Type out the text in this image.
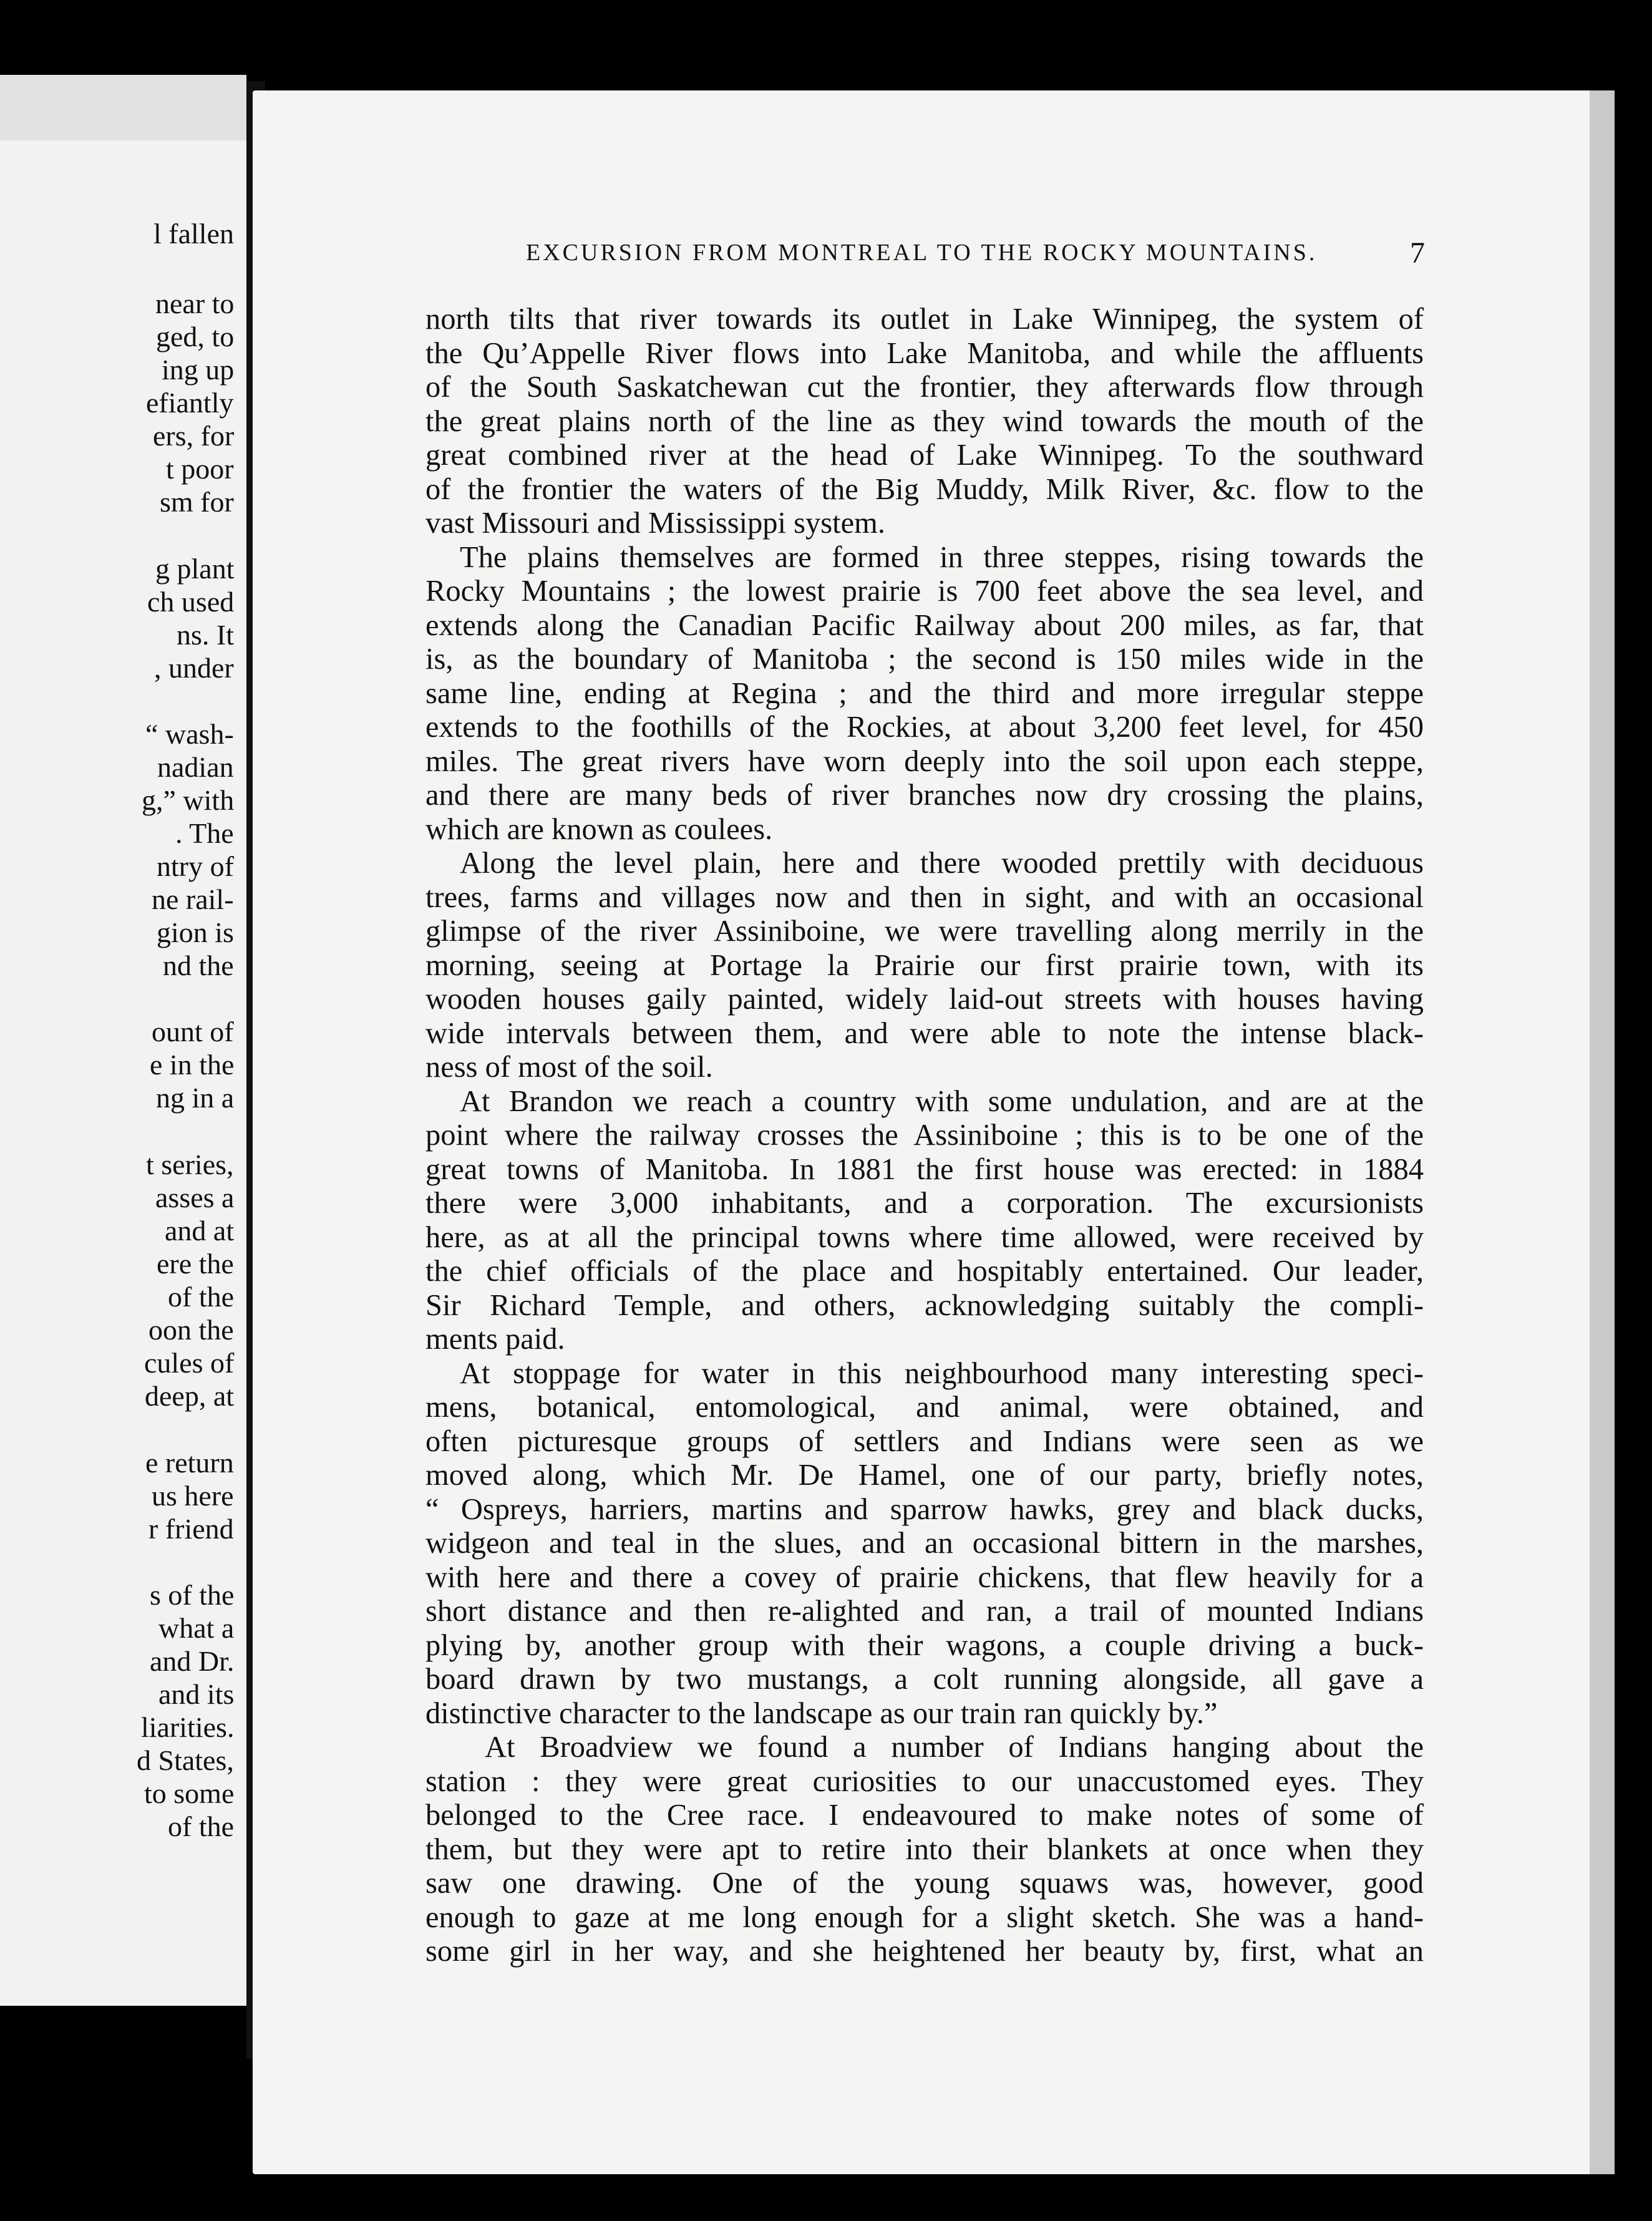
l fallen
near to
ged, to
ing up
efiantly
ers, for
t poor
sm for
g plant
ch used
ns. It
, under
“ wash-
nadian
g,” with
. The
ntry of
ne rail-
gion is
nd the
ount of
e in the
ng in a
t series,
asses a
and at
ere the
of the
oon the
cules of
deep, at
e return
us here
r friend
s of the
what a
and Dr.
and its
liarities.
d States,
to some
of the
EXCURSION FROM MONTREAL TO THE ROCKY MOUNTAINS.	7
north tilts that river towards its outlet in Lake Winnipeg, the system of
the Qu’Appelle River flows into Lake Manitoba, and while the affluents
of the South Saskatchewan cut the frontier, they afterwards flow through
the great plains north of the line as they wind towards the mouth of the
great combined river at the head of Lake Winnipeg. To the southward
of the frontier the waters of the Big Muddy, Milk River, &c. flow to the
vast Missouri and Mississippi system.
The plains themselves are formed in three steppes, rising towards the
Rocky Mountains ; the lowest prairie is 700 feet above the sea level, and
extends along the Canadian Pacific Railway about 200 miles, as far, that
is, as the boundary of Manitoba ; the second is 150 miles wide in the
same line, ending at Regina ; and the third and more irregular steppe
extends to the foothills of the Rockies, at about 3,200 feet level, for 450
miles. The great rivers have worn deeply into the soil upon each steppe,
and there are many beds of river branches now dry crossing the plains,
which are known as coulees.
Along the level plain, here and there wooded prettily with deciduous
trees, farms and villages now and then in sight, and with an occasional
glimpse of the river Assiniboine, we were travelling along merrily in the
morning, seeing at Portage la Prairie our first prairie town, with its
wooden houses gaily painted, widely laid-out streets with houses having
wide intervals between them, and were able to note the intense black-
ness of most of the soil.
At Brandon we reach a country with some undulation, and are at the
point where the railway crosses the Assiniboine ; this is to be one of the
great towns of Manitoba. In 1881 the first house was erected: in 1884
there were 3,000 inhabitants, and a corporation. The excursionists
here, as at all the principal towns where time allowed, were received by
the chief officials of the place and hospitably entertained. Our leader,
Sir Richard Temple, and others, acknowledging suitably the compli-
ments paid.
At stoppage for water in this neighbourhood many interesting speci-
mens, botanical, entomological, and animal, were obtained, and
often picturesque groups of settlers and Indians were seen as we
moved along, which Mr. De Hamel, one of our party, briefly notes,
“ Ospreys, harriers, martins and sparrow hawks, grey and black ducks,
widgeon and teal in the slues, and an occasional bittern in the marshes,
with here and there a covey of prairie chickens, that flew heavily for a
short distance and then re-alighted and ran, a trail of mounted Indians
plying by, another group with their wagons, a couple driving a buck-
board drawn by two mustangs, a colt running alongside, all gave a
distinctive character to the landscape as our train ran quickly by.”
At Broadview we found a number of Indians hanging about the
station : they were great curiosities to our unaccustomed eyes. They
belonged to the Cree race. I endeavoured to make notes of some of
them, but they were apt to retire into their blankets at once when they
saw one drawing. One of the young squaws was, however, good
enough to gaze at me long enough for a slight sketch. She was a hand-
some girl in her way, and she heightened her beauty by, first, what an
